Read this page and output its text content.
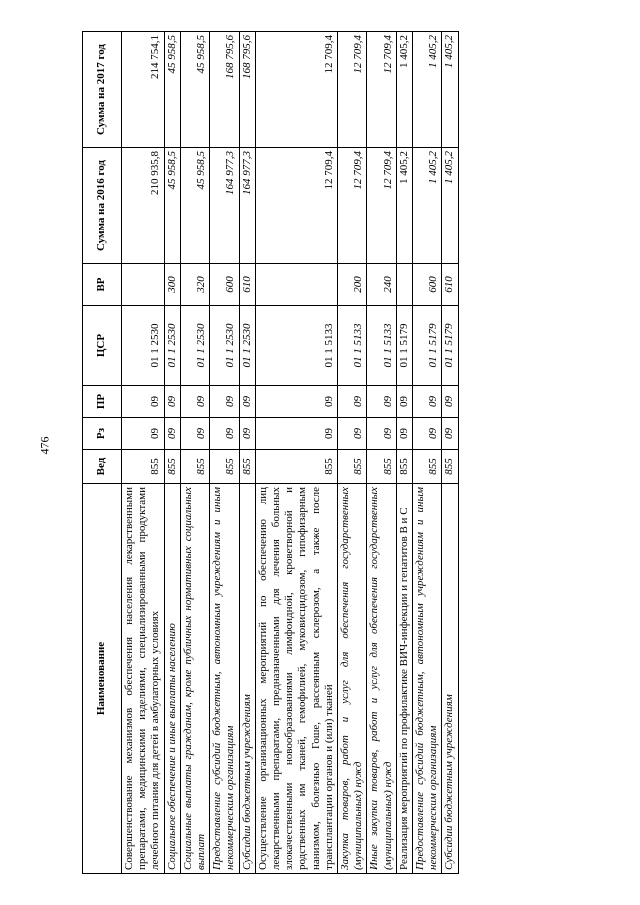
476
Наименование	Вед	Рз	ПР	ЦСР	ВР	Сумма на 2016 год	Сумма на 2017 год
Совершенствование механизмов обеспечения населения лекарственными препаратами, медицинскими изделиями, специализированными продуктами лечебного питания для детей в амбулаторных условиях	855	09	09	01 1 2530		210 935,8	214 754,1
Социальное обеспечение и иные выплаты населению	855	09	09	01 1 2530	300	45 958,5	45 958,5
Социальные выплаты гражданам, кроме публичных нормативных социальных выплат	855	09	09	01 1 2530	320	45 958,5	45 958,5
Предоставление субсидий бюджетным, автономным учреждениям и иным некоммерческим организациям	855	09	09	01 1 2530	600	164 977,3	168 795,6
Субсидии бюджетным учреждениям	855	09	09	01 1 2530	610	164 977,3	168 795,6
Осуществление организационных мероприятий по обеспечению лиц лекарственными препаратами, предназначенными для лечения больных злокачественными новообразованиями лимфоидной, кроветворной и родственных им тканей, гемофилией, муковисцидозом, гипофизарным нанизмом, болезнью Гоше, рассеянным склерозом, а также после трансплантации органов и (или) тканей	855	09	09	01 1 5133		12 709,4	12 709,4
Закупка товаров, работ и услуг для обеспечения государственных (муниципальных) нужд	855	09	09	01 1 5133	200	12 709,4	12 709,4
Иные закупки товаров, работ и услуг для обеспечения государственных (муниципальных) нужд	855	09	09	01 1 5133	240	12 709,4	12 709,4
Реализация мероприятий по профилактике ВИЧ-инфекции и гепатитов B и C	855	09	09	01 1 5179		1 405,2	1 405,2
Предоставление субсидий бюджетным, автономным учреждениям и иным некоммерческим организациям	855	09	09	01 1 5179	600	1 405,2	1 405,2
Субсидии бюджетным учреждениям	855	09	09	01 1 5179	610	1 405,2	1 405,2
